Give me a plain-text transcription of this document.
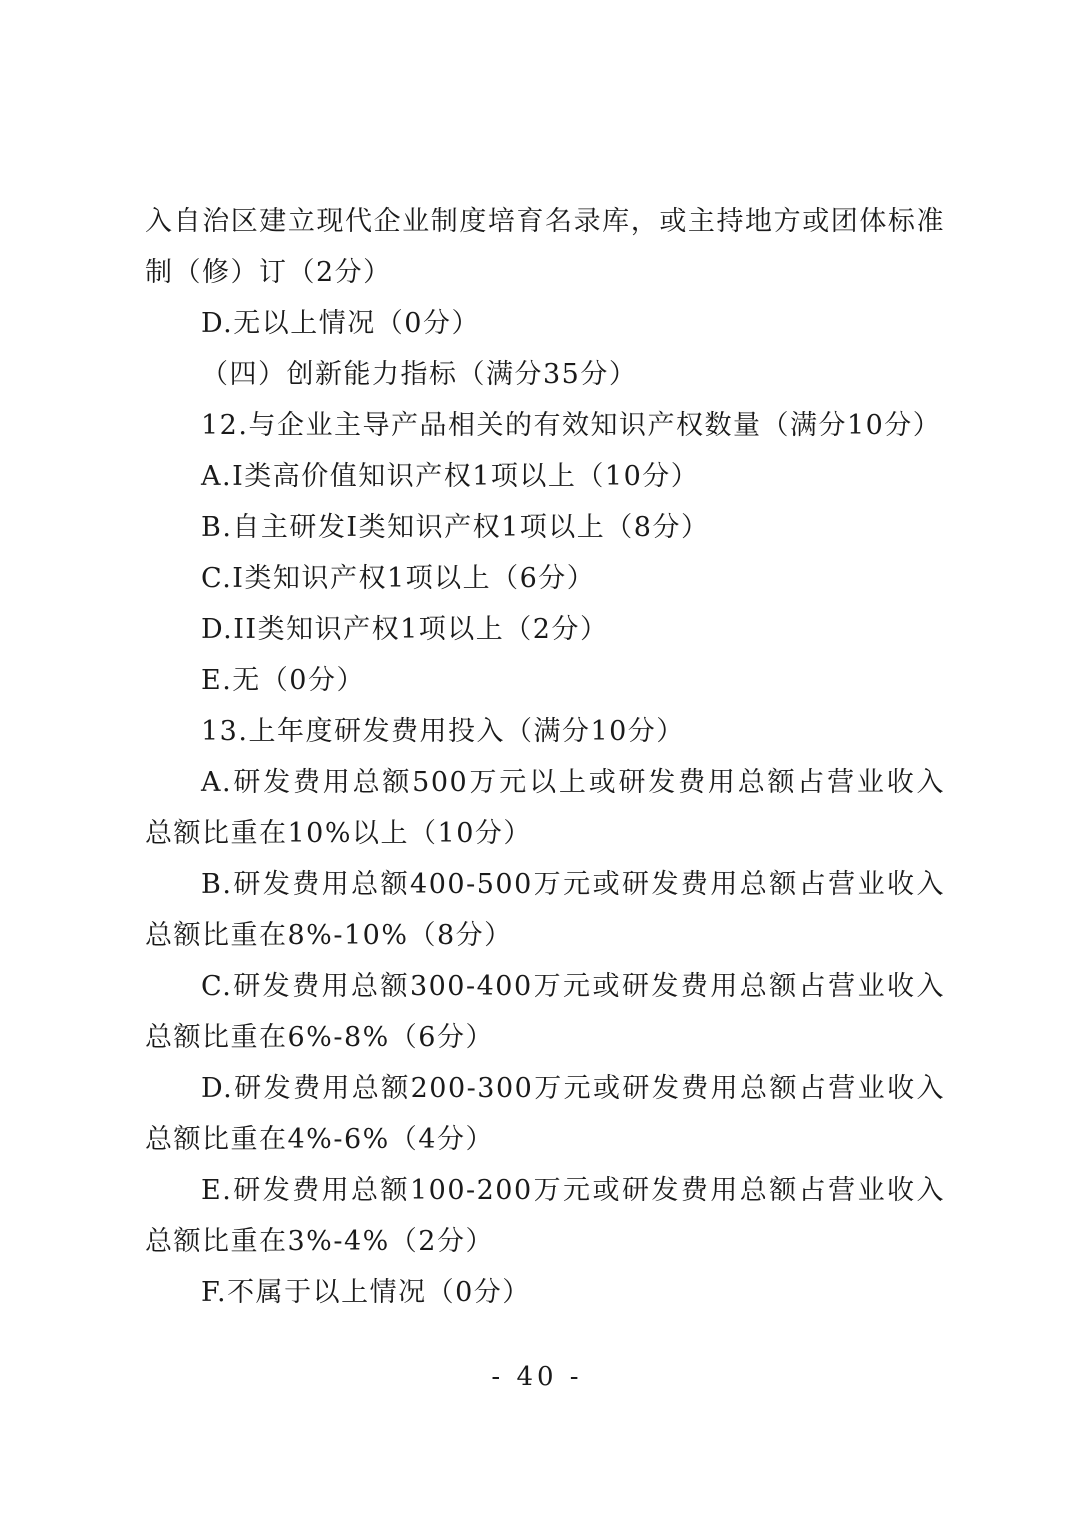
入自治区建立现代企业制度培育名录库，或主持地方或团体标准
制（修）订（2分）
D.无以上情况（0分）
（四）创新能力指标（满分35分）
12.与企业主导产品相关的有效知识产权数量（满分10分）
A.I类高价值知识产权1项以上（10分）
B.自主研发I类知识产权1项以上（8分）
C.I类知识产权1项以上（6分）
D.II类知识产权1项以上（2分）
E.无（0分）
13.上年度研发费用投入（满分10分）
A.研发费用总额500万元以上或研发费用总额占营业收入
总额比重在10%以上（10分）
B.研发费用总额400-500万元或研发费用总额占营业收入
总额比重在8%-10%（8分）
C.研发费用总额300-400万元或研发费用总额占营业收入
总额比重在6%-8%（6分）
D.研发费用总额200-300万元或研发费用总额占营业收入
总额比重在4%-6%（4分）
E.研发费用总额100-200万元或研发费用总额占营业收入
总额比重在3%-4%（2分）
F.不属于以上情况（0分）
- 40 -
